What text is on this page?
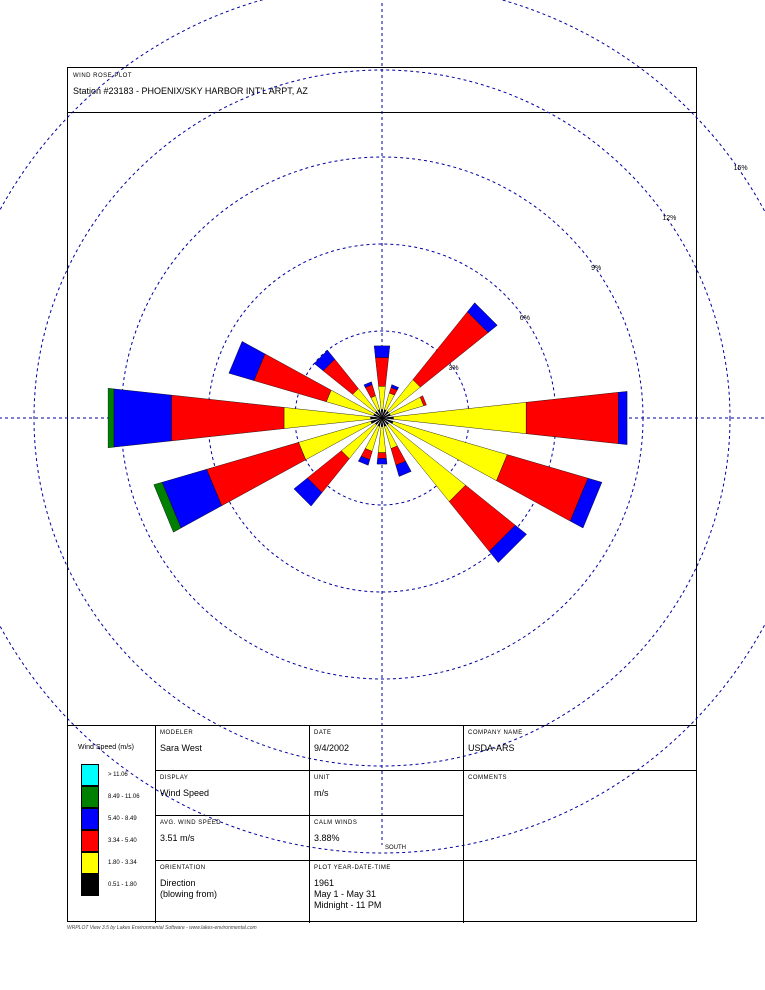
WIND ROSE PLOT
Station #23183 - PHOENIX/SKY HARBOR INT'L ARPT, AZ
3%
6%
9%
12%
15%
SOUTH
Wind Speed (m/s)
> 11.06
8.49 - 11.06
5.40 - 8.49
3.34 - 5.40
1.80 - 3.34
0.51 - 1.80
MODELER
Sara West
DATE
9/4/2002
COMPANY NAME
USDA-ARS
DISPLAY
Wind Speed
UNIT
m/s
COMMENTS
AVG. WIND SPEED
3.51 m/s
CALM WINDS
3.88%
ORIENTATION
Direction
(blowing from)
PLOT YEAR-DATE-TIME
1961
May 1 - May 31
Midnight - 11 PM
WRPLOT View 3.5 by Lakes Environmental Software - www.lakes-environmental.com
